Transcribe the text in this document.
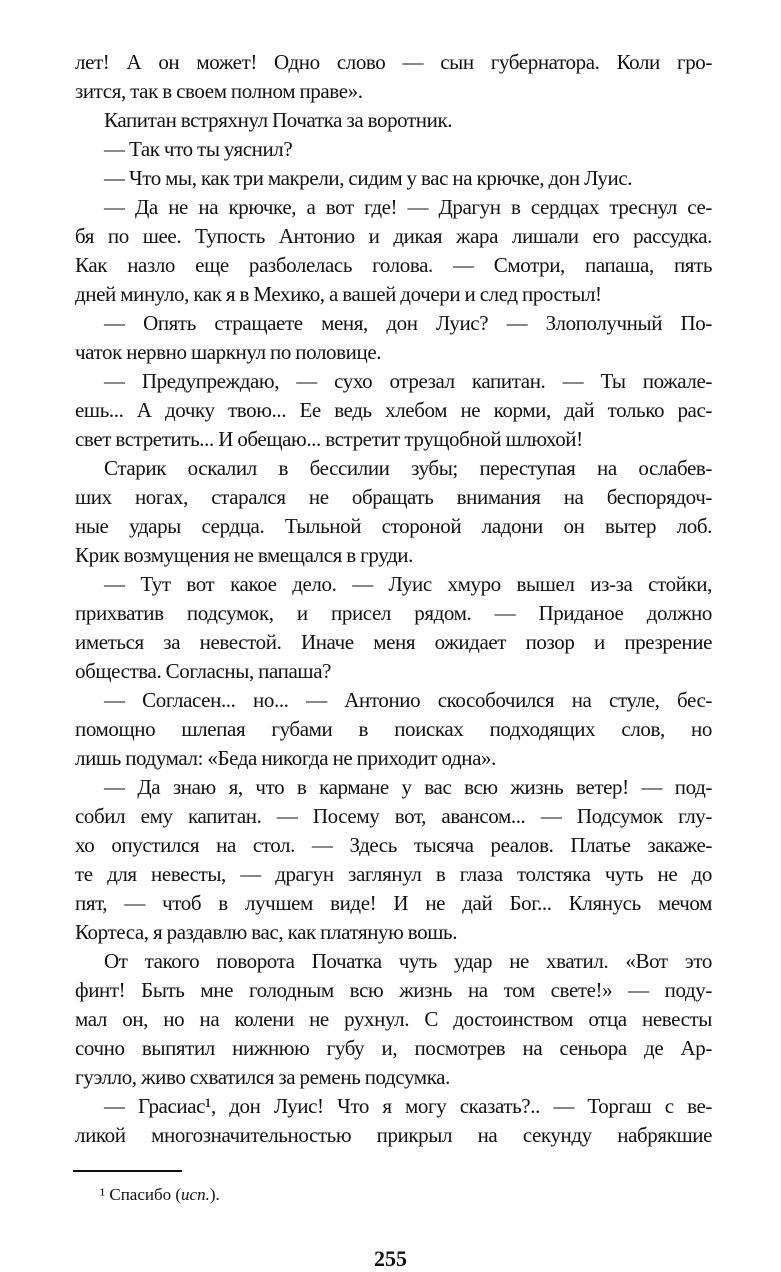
лет! А он может! Одно слово — сын губернатора. Коли гро-
зится, так в своем полном праве».
Капитан встряхнул Початка за воротник.
— Так что ты уяснил?
— Что мы, как три макрели, сидим у вас на крючке, дон Луис.
— Да не на крючке, а вот где! — Драгун в сердцах треснул се-
бя по шее. Тупость Антонио и дикая жара лишали его рассудка.
Как назло еще разболелась голова. — Смотри, папаша, пять
дней минуло, как я в Мехико, а вашей дочери и след простыл!
— Опять стращаете меня, дон Луис? — Злополучный По-
чаток нервно шаркнул по половице.
— Предупреждаю, — сухо отрезал капитан. — Ты пожале-
ешь... А дочку твою... Ее ведь хлебом не корми, дай только рас-
свет встретить... И обещаю... встретит трущобной шлюхой!
Старик оскалил в бессилии зубы; переступая на ослабев-
ших ногах, старался не обращать внимания на беспорядоч-
ные удары сердца. Тыльной стороной ладони он вытер лоб.
Крик возмущения не вмещался в груди.
— Тут вот какое дело. — Луис хмуро вышел из-за стойки,
прихватив подсумок, и присел рядом. — Приданое должно
иметься за невестой. Иначе меня ожидает позор и презрение
общества. Согласны, папаша?
— Согласен... но... — Антонио скособочился на стуле, бес-
помощно шлепая губами в поисках подходящих слов, но
лишь подумал: «Беда никогда не приходит одна».
— Да знаю я, что в кармане у вас всю жизнь ветер! — под-
собил ему капитан. — Посему вот, авансом... — Подсумок глу-
хо опустился на стол. — Здесь тысяча реалов. Платье закаже-
те для невесты, — драгун заглянул в глаза толстяка чуть не до
пят, — чтоб в лучшем виде! И не дай Бог... Клянусь мечом
Кортеса, я раздавлю вас, как платяную вошь.
От такого поворота Початка чуть удар не хватил. «Вот это
финт! Быть мне голодным всю жизнь на том свете!» — поду-
мал он, но на колени не рухнул. С достоинством отца невесты
сочно выпятил нижнюю губу и, посмотрев на сеньора де Ар-
гуэлло, живо схватился за ремень подсумка.
— Грасиас¹, дон Луис! Что я могу сказать?.. — Торгаш с ве-
ликой многозначительностью прикрыл на секунду набрякшие
¹ Спасибо (исп.).
255
